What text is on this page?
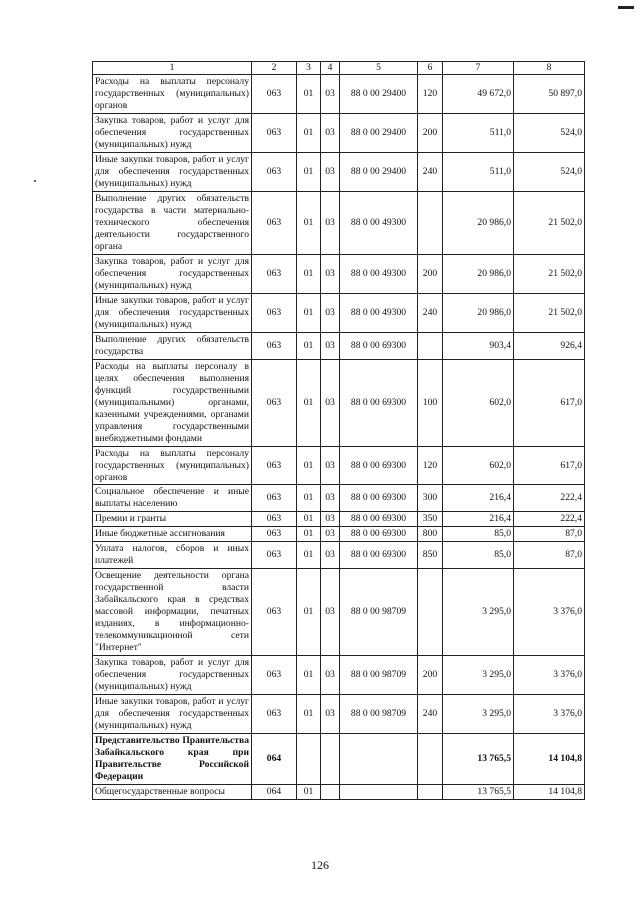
1	2	3	4	5	6	7	8
Расходы на выплаты персоналу государственных (муниципальных) органов	063	01	03	88 0 00 29400	120	49 672,0	50 897,0
Закупка товаров, работ и услуг для обеспечения государственных (муниципальных) нужд	063	01	03	88 0 00 29400	200	511,0	524,0
Иные закупки товаров, работ и услуг для обеспечения государственных (муниципальных) нужд	063	01	03	88 0 00 29400	240	511,0	524,0
Выполнение других обязательств государства в части материально-технического обеспечения деятельности государственного органа	063	01	03	88 0 00 49300		20 986,0	21 502,0
Закупка товаров, работ и услуг для обеспечения государственных (муниципальных) нужд	063	01	03	88 0 00 49300	200	20 986,0	21 502,0
Иные закупки товаров, работ и услуг для обеспечения государственных (муниципальных) нужд	063	01	03	88 0 00 49300	240	20 986,0	21 502,0
Выполнение других обязательств государства	063	01	03	88 0 00 69300		903,4	926,4
Расходы на выплаты персоналу в целях обеспечения выполнения функций государственными (муниципальными) органами, казенными учреждениями, органами управления государственными внебюджетными фондами	063	01	03	88 0 00 69300	100	602,0	617,0
Расходы на выплаты персоналу государственных (муниципальных) органов	063	01	03	88 0 00 69300	120	602,0	617,0
Социальное обеспечение и иные выплаты населению	063	01	03	88 0 00 69300	300	216,4	222,4
Премии и гранты	063	01	03	88 0 00 69300	350	216,4	222,4
Иные бюджетные ассигнования	063	01	03	88 0 00 69300	800	85,0	87,0
Уплата налогов, сборов и иных платежей	063	01	03	88 0 00 69300	850	85,0	87,0
Освещение деятельности органа государственной власти Забайкальского края в средствах массовой информации, печатных изданиях, в информационно-телекоммуникационной сети "Интернет"	063	01	03	88 0 00 98709		3 295,0	3 376,0
Закупка товаров, работ и услуг для обеспечения государственных (муниципальных) нужд	063	01	03	88 0 00 98709	200	3 295,0	3 376,0
Иные закупки товаров, работ и услуг для обеспечения государственных (муниципальных) нужд	063	01	03	88 0 00 98709	240	3 295,0	3 376,0
Представительство Правительства Забайкальского края при Правительстве Российской Федерации	064					13 765,5	14 104,8
Общегосударственные вопросы	064	01				13 765,5	14 104,8
126
